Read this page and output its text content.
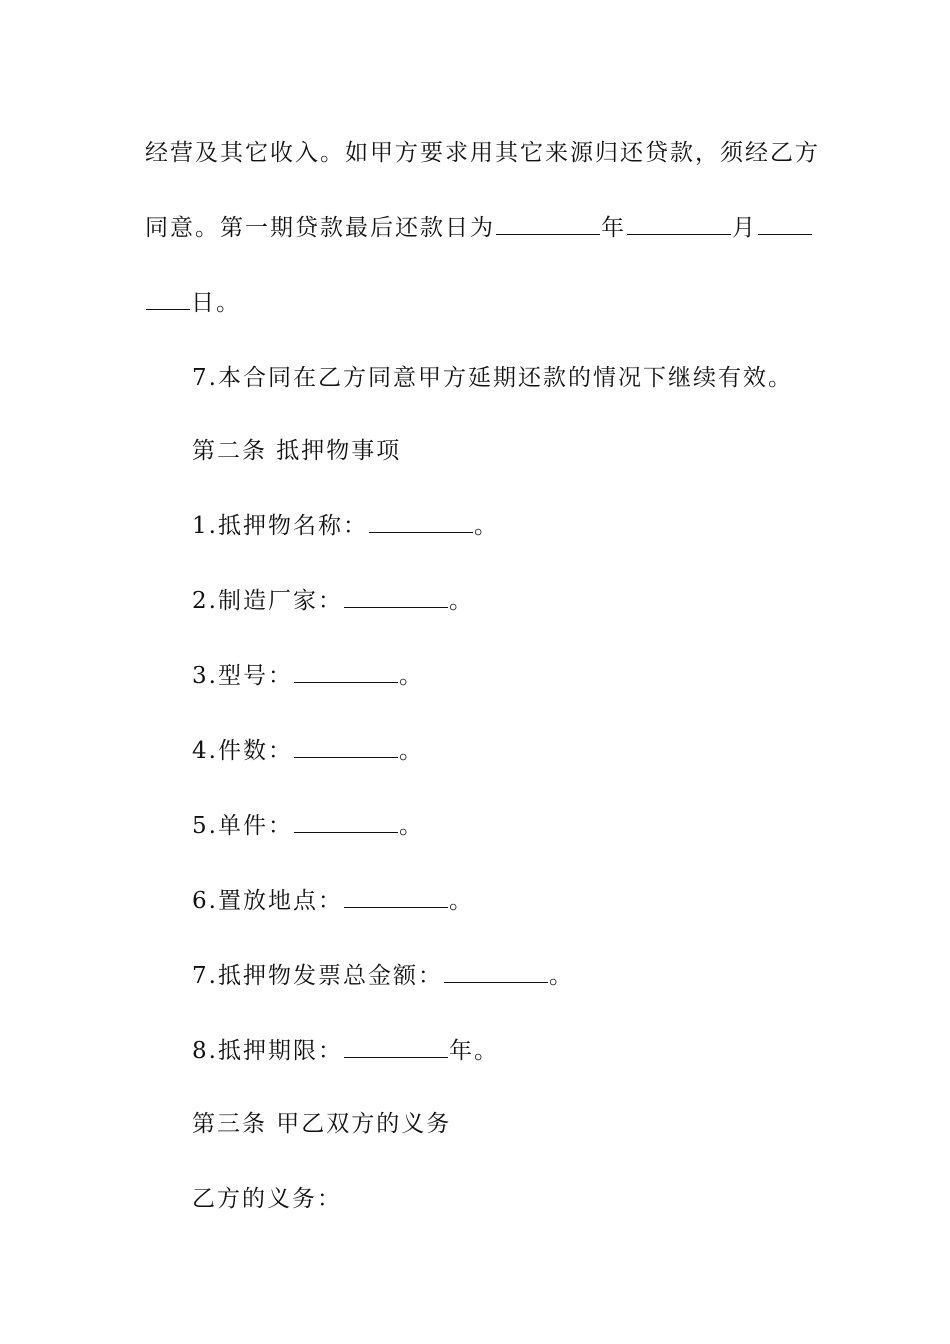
经营及其它收入。如甲方要求用其它来源归还贷款，须经乙方
同意。第一期贷款最后还款日为	年	月
日。
7.本合同在乙方同意甲方延期还款的情况下继续有效。
第二条 抵押物事项
1.抵押物名称：	。
2.制造厂家：	。
3.型号：	。
4.件数：	。
5.单件：	。
6.置放地点：	。
7.抵押物发票总金额：	。
8.抵押期限：	年。
第三条 甲乙双方的义务
乙方的义务：
